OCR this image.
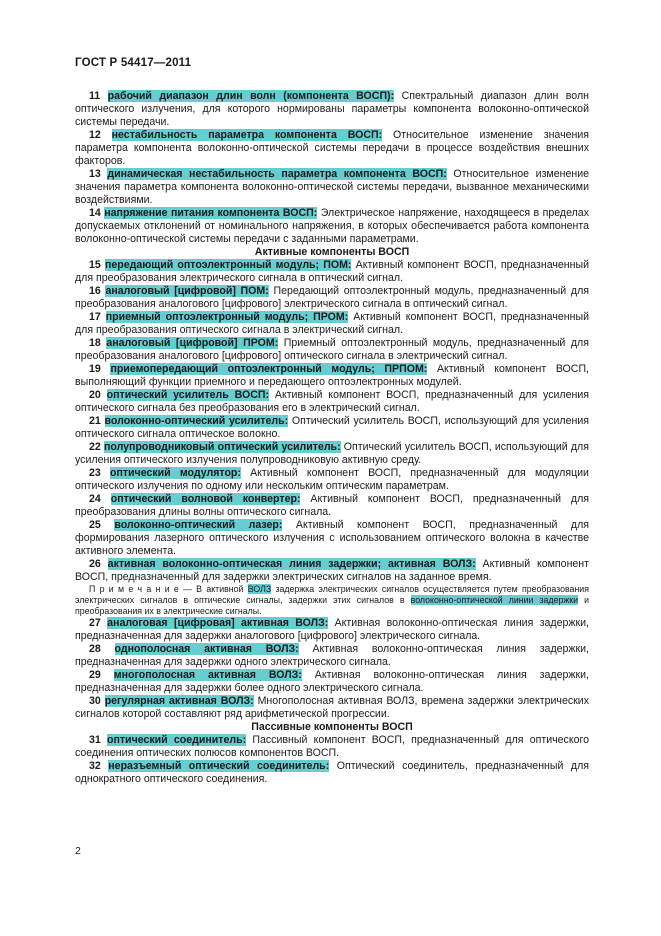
ГОСТ Р 54417—2011

11 рабочий диапазон длин волн (компонента ВОСП): Спектральный диапазон длин волн оптического излучения, для которого нормированы параметры компонента волоконно-оптической системы передачи.

12 нестабильность параметра компонента ВОСП: Относительное изменение значения параметра компонента волоконно-оптической системы передачи в процессе воздействия внешних факторов.

13 динамическая нестабильность параметра компонента ВОСП: Относительное изменение значения параметра компонента волоконно-оптической системы передачи, вызванное механическими воздействиями.

14 напряжение питания компонента ВОСП: Электрическое напряжение, находящееся в пределах допускаемых отклонений от номинального напряжения, в которых обеспечивается работа компонента волоконно-оптической системы передачи с заданными параметрами.

Активные компоненты ВОСП

15 передающий оптоэлектронный модуль; ПОМ: Активный компонент ВОСП, предназначенный для преобразования электрического сигнала в оптический сигнал.

16 аналоговый [цифровой] ПОМ: Передающий оптоэлектронный модуль, предназначенный для преобразования аналогового [цифрового] электрического сигнала в оптический сигнал.

17 приемный оптоэлектронный модуль; ПРОМ: Активный компонент ВОСП, предназначенный для преобразования оптического сигнала в электрический сигнал.

18 аналоговый [цифровой] ПРОМ: Приемный оптоэлектронный модуль, предназначенный для преобразования аналогового [цифрового] оптического сигнала в электрический сигнал.

19 приемопередающий оптоэлектронный модуль; ПРПОМ: Активный компонент ВОСП, выполняющий функции приемного и передающего оптоэлектронных модулей.

20 оптический усилитель ВОСП: Активный компонент ВОСП, предназначенный для усиления оптического сигнала без преобразования его в электрический сигнал.

21 волоконно-оптический усилитель: Оптический усилитель ВОСП, использующий для усиления оптического сигнала оптическое волокно.

22 полупроводниковый оптический усилитель: Оптический усилитель ВОСП, использующий для усиления оптического излучения полупроводниковую активную среду.

23 оптический модулятор: Активный компонент ВОСП, предназначенный для модуляции оптического излучения по одному или нескольким оптическим параметрам.

24 оптический волновой конвертер: Активный компонент ВОСП, предназначенный для преобразования длины волны оптического сигнала.

25 волоконно-оптический лазер: Активный компонент ВОСП, предназначенный для формирования лазерного оптического излучения с использованием оптического волокна в качестве активного элемента.

26 активная волоконно-оптическая линия задержки; активная ВОЛЗ: Активный компонент ВОСП, предназначенный для задержки электрических сигналов на заданное время.

П р и м е ч а н и е — В активной ВОЛЗ задержка электрических сигналов осуществляется путем преобразования электрических сигналов в оптические сигналы, задержки этих сигналов в волоконно-оптической линии задержки и преобразования их в электрические сигналы.

27 аналоговая [цифровая] активная ВОЛЗ: Активная волоконно-оптическая линия задержки, предназначенная для задержки аналогового [цифрового] электрического сигнала.

28 однополосная активная ВОЛЗ: Активная волоконно-оптическая линия задержки, предназначенная для задержки одного электрического сигнала.

29 многополосная активная ВОЛЗ: Активная волоконно-оптическая линия задержки, предназначенная для задержки более одного электрического сигнала.

30 регулярная активная ВОЛЗ: Многополосная активная ВОЛЗ, времена задержки электрических сигналов которой составляют ряд арифметической прогрессии.

Пассивные компоненты ВОСП

31 оптический соединитель: Пассивный компонент ВОСП, предназначенный для оптического соединения оптических полюсов компонентов ВОСП.

32 неразъемный оптический соединитель: Оптический соединитель, предназначенный для однократного оптического соединения.

2
